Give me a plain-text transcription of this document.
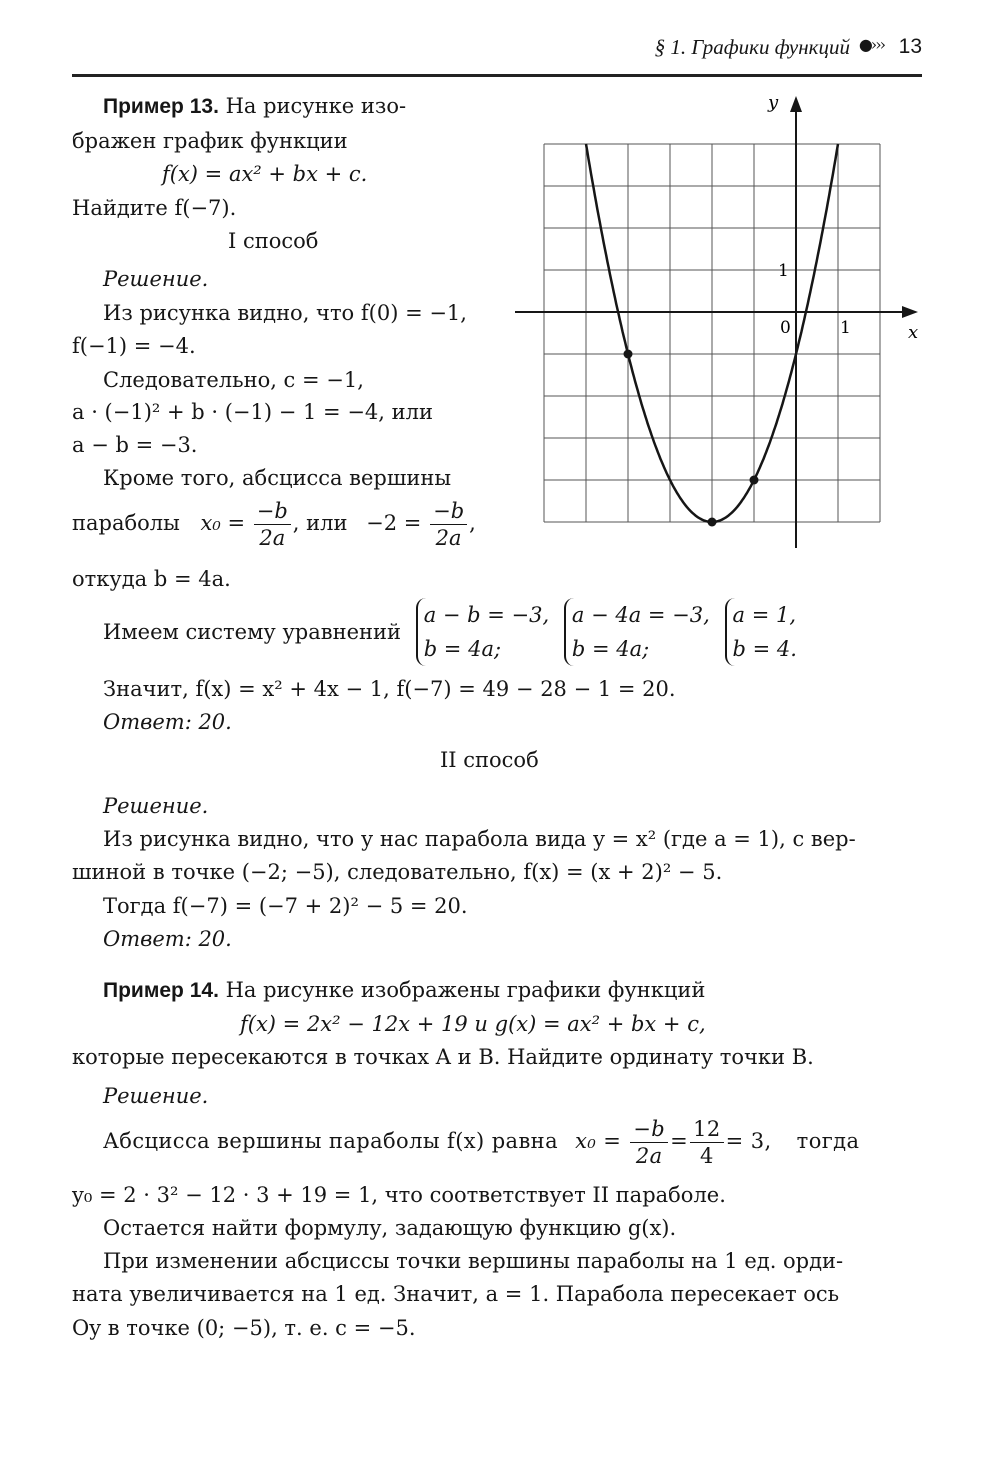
§ 1. Графики функций ●››› 13
Пример 13. На рисунке изо-
бражен график функции
f(x) = ax² + bx + c.
Найдите f(−7).
I способ
Решение.
Из рисунка видно, что f(0) = −1,
f(−1) = −4.
Следовательно, c = −1,
a · (−1)² + b · (−1) − 1 = −4, или
a − b = −3.
Кроме того, абсцисса вершины
параболы $x_0 = \frac{-b}{2a}$ , или $-2 = \frac{-b}{2a}$ ,
откуда b = 4a.
Имеем систему уравнений
a − b = −3,
b = 4a;

a − 4a = −3,
b = 4a;

a = 1,
b = 4.
Значит, f(x) = x² + 4x − 1, f(−7) = 49 − 28 − 1 = 20.
Ответ: 20.
II способ
Решение.
Из рисунка видно, что у нас парабола вида y = x² (где a = 1), с вер-
шиной в точке (−2; −5), следовательно, f(x) = (x + 2)² − 5.
Тогда f(−7) = (−7 + 2)² − 5 = 20.
Ответ: 20.
y
x
0	1
1
Пример 14. На рисунке изображены графики функций
f(x) = 2x² − 12x + 19 и g(x) = ax² + bx + c,
которые пересекаются в точках A и B. Найдите ординату точки B.
Решение.
Абсцисса вершины параболы f(x) равна $x_0 = \frac{-b}{2a} = \frac{12}{4} = 3$, тогда
y₀ = 2 · 3² − 12 · 3 + 19 = 1, что соответствует II параболе.
Остается найти формулу, задающую функцию g(x).
При изменении абсциссы точки вершины параболы на 1 ед. орди-
ната увеличивается на 1 ед. Значит, a = 1. Парабола пересекает ось
Oy в точке (0; −5), т. е. c = −5.
